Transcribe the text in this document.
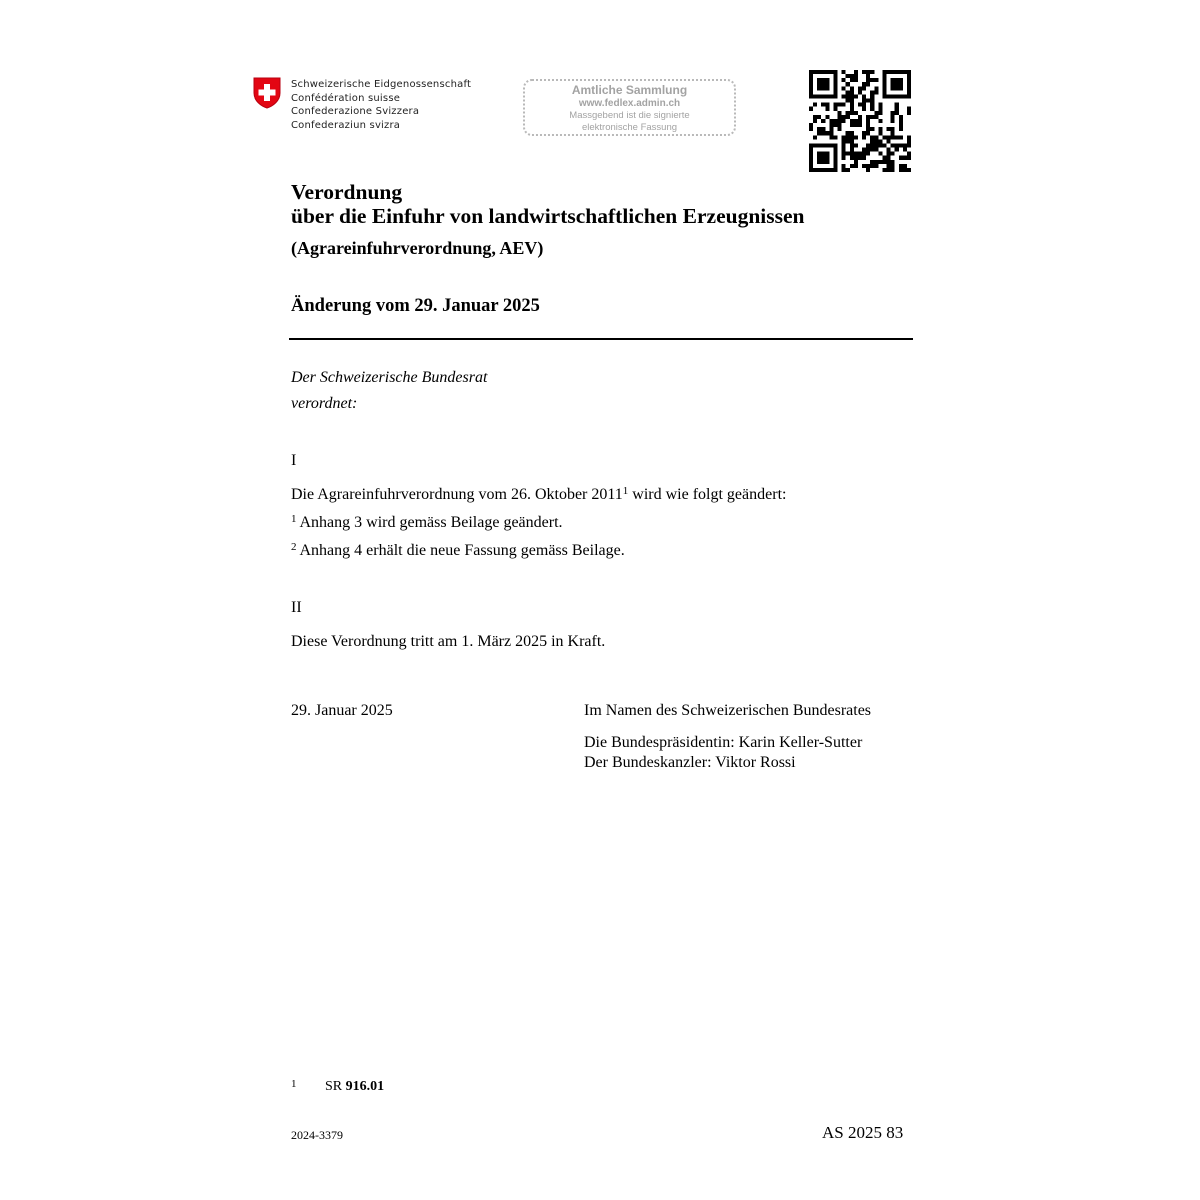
Schweizerische Eidgenossenschaft
Confédération suisse
Confederazione Svizzera
Confederaziun svizra
Amtliche Sammlung
www.fedlex.admin.ch
Massgebend ist die signierte
elektronische Fassung
Verordnung
über die Einfuhr von landwirtschaftlichen Erzeugnissen
(Agrareinfuhrverordnung, AEV)
Änderung vom 29. Januar 2025
Der Schweizerische Bundesrat
verordnet:
I
Die Agrareinfuhrverordnung vom 26. Oktober 2011$^1$ wird wie folgt geändert:
$^1$ Anhang 3 wird gemäss Beilage geändert.
$^2$ Anhang 4 erhält die neue Fassung gemäss Beilage.
II
Diese Verordnung tritt am 1. März 2025 in Kraft.
29. Januar 2025	Im Namen des Schweizerischen Bundesrates
Die Bundespräsidentin: Karin Keller-Sutter
Der Bundeskanzler: Viktor Rossi
1 SR 916.01
2024-3379	AS 2025 83
